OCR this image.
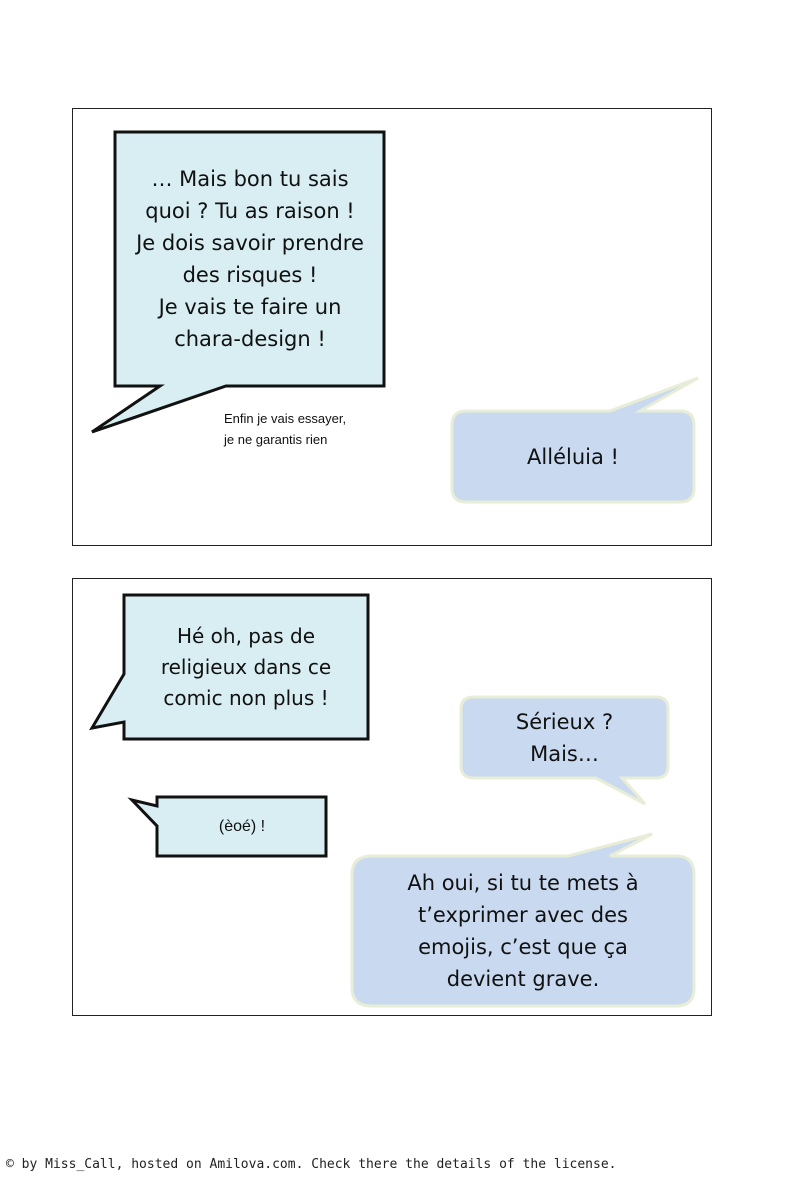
… Mais bon tu sais
quoi ? Tu as raison !
Je dois savoir prendre
des risques !
Je vais te faire un
chara-design !
Enfin je vais essayer,
je ne garantis rien
Alléluia !
Hé oh, pas de
religieux dans ce
comic non plus !
(èoé) !
Sérieux ?
Mais…
Ah oui, si tu te mets à
t’exprimer avec des
emojis, c’est que ça
devient grave.
© by Miss_Call, hosted on Amilova.com. Check there the details of the license.
